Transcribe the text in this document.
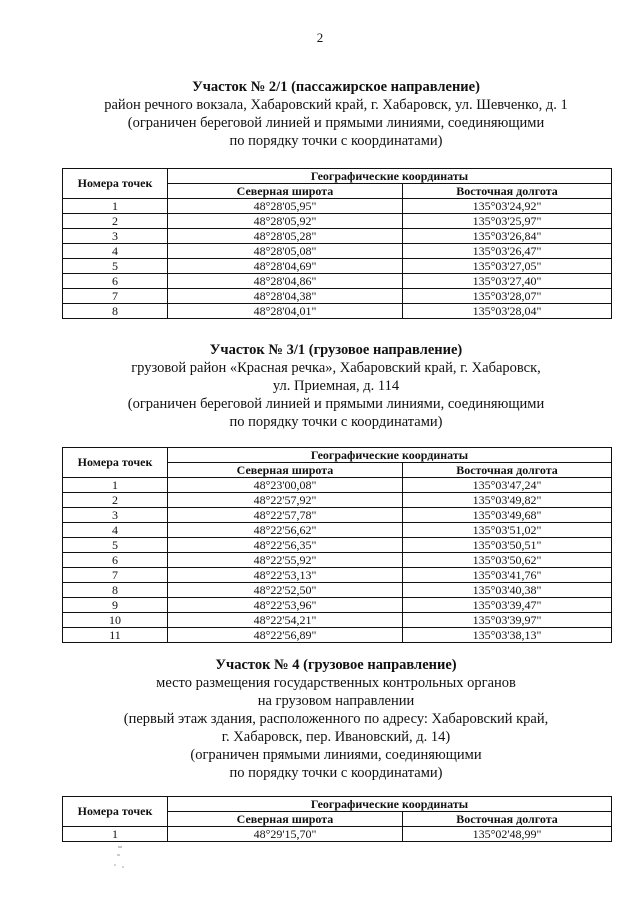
2
Участок № 2/1 (пассажирское направление)
район речного вокзала, Хабаровский край, г. Хабаровск, ул. Шевченко, д. 1
(ограничен береговой линией и прямыми линиями, соединяющими
по порядку точки с координатами)
Номера точек	Географические координаты	
	Северная широта	Восточная долгота
1	48°28'05,95"	135°03'24,92"
2	48°28'05,92"	135°03'25,97"
3	48°28'05,28"	135°03'26,84"
4	48°28'05,08"	135°03'26,47"
5	48°28'04,69"	135°03'27,05"
6	48°28'04,86"	135°03'27,40"
7	48°28'04,38"	135°03'28,07"
8	48°28'04,01"	135°03'28,04"
Участок № 3/1 (грузовое направление)
грузовой район «Красная речка», Хабаровский край, г. Хабаровск,
ул. Приемная, д. 114
(ограничен береговой линией и прямыми линиями, соединяющими
по порядку точки с координатами)
Номера точек	Географические координаты	
	Северная широта	Восточная долгота
1	48°23'00,08"	135°03'47,24"
2	48°22'57,92"	135°03'49,82"
3	48°22'57,78"	135°03'49,68"
4	48°22'56,62"	135°03'51,02"
5	48°22'56,35"	135°03'50,51"
6	48°22'55,92"	135°03'50,62"
7	48°22'53,13"	135°03'41,76"
8	48°22'52,50"	135°03'40,38"
9	48°22'53,96"	135°03'39,47"
10	48°22'54,21"	135°03'39,97"
11	48°22'56,89"	135°03'38,13"
Участок № 4 (грузовое направление)
место размещения государственных контрольных органов
на грузовом направлении
(первый этаж здания, расположенного по адресу: Хабаровский край,
г. Хабаровск, пер. Ивановский, д. 14)
(ограничен прямыми линиями, соединяющими
по порядку точки с координатами)
Номера точек	Географические координаты	
	Северная широта	Восточная долгота
1	48°29'15,70"	135°02'48,99"
